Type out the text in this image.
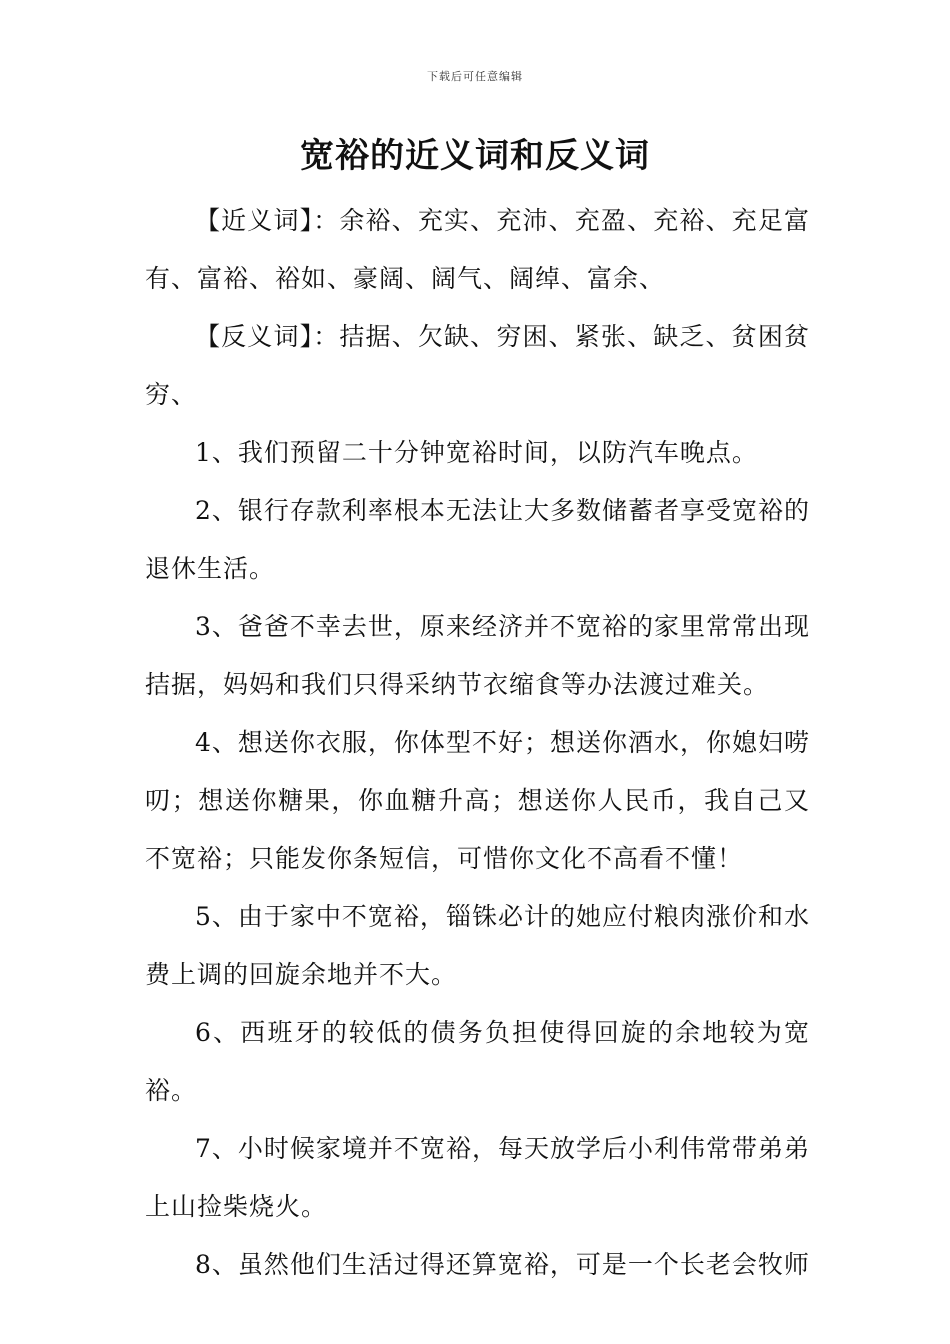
下载后可任意编辑
宽裕的近义词和反义词

【近义词】：余裕、充实、充沛、充盈、充裕、充足富有、富裕、裕如、豪阔、阔气、阔绰、富余、

【反义词】：拮据、欠缺、穷困、紧张、缺乏、贫困贫穷、

1、我们预留二十分钟宽裕时间，以防汽车晚点。

2、银行存款利率根本无法让大多数储蓄者享受宽裕的退休生活。

3、爸爸不幸去世，原来经济并不宽裕的家里常常出现拮据，妈妈和我们只得采纳节衣缩食等办法渡过难关。

4、想送你衣服，你体型不好；想送你酒水，你媳妇唠叨；想送你糖果，你血糖升高；想送你人民币，我自己又不宽裕；只能发你条短信，可惜你文化不高看不懂！

5、由于家中不宽裕，锱铢必计的她应付粮肉涨价和水费上调的回旋余地并不大。

6、西班牙的较低的债务负担使得回旋的余地较为宽裕。

7、小时候家境并不宽裕，每天放学后小利伟常带弟弟上山捡柴烧火。

8、虽然他们生活过得还算宽裕，可是一个长老会牧师
